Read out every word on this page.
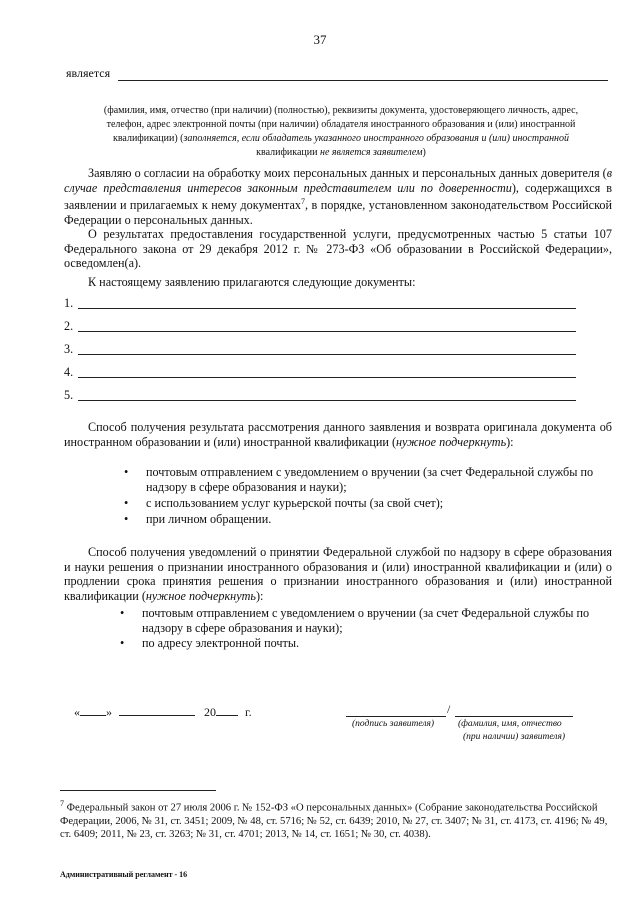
37
является
(фамилия, имя, отчество (при наличии) (полностью), реквизиты документа, удостоверяющего личность, адрес,
телефон, адрес электронной почты (при наличии) обладателя иностранного образования и (или) иностранной
квалификации) (заполняется, если обладатель указанного иностранного образования и (или) иностранной
квалификации не является заявителем)
Заявляю о согласии на обработку моих персональных данных и персональных данных доверителя (в случае представления интересов законным представителем или по доверенности), содержащихся в заявлении и прилагаемых к нему документах$^7$, в порядке, установленном законодательством Российской Федерации о персональных данных.
О результатах предоставления государственной услуги, предусмотренных частью 5 статьи 107 Федерального закона от 29 декабря 2012 г. № 273-ФЗ «Об образовании в Российской Федерации», осведомлен(а).
К настоящему заявлению прилагаются следующие документы:
1.
2.
3.
4.
5.
Способ получения результата рассмотрения данного заявления и возврата оригинала документа об иностранном образовании и (или) иностранной квалификации (нужное подчеркнуть):
• почтовым отправлением с уведомлением о вручении (за счет Федеральной службы по надзору в сфере образования и науки);
• с использованием услуг курьерской почты (за свой счет);
• при личном обращении.
Способ получения уведомлений о принятии Федеральной службой по надзору в сфере образования и науки решения о признании иностранного образования и (или) иностранной квалификации и (или) о продлении срока принятия решения о признании иностранного образования и (или) иностранной квалификации (нужное подчеркнуть):
• почтовым отправлением с уведомлением о вручении (за счет Федеральной службы по надзору в сфере образования и науки);
• по адресу электронной почты.
« »	20 г.	/
(подпись заявителя)	(фамилия, имя, отчество
(при наличии) заявителя)
$^7$ Федеральный закон от 27 июля 2006 г. № 152-ФЗ «О персональных данных» (Собрание законодательства Российской Федерации, 2006, № 31, ст. 3451; 2009, № 48, ст. 5716; № 52, ст. 6439; 2010, № 27, ст. 3407; № 31, ст. 4173, ст. 4196; № 49, ст. 6409; 2011, № 23, ст. 3263; № 31, ст. 4701; 2013, № 14, ст. 1651; № 30, ст. 4038).
Административный регламент - 16
